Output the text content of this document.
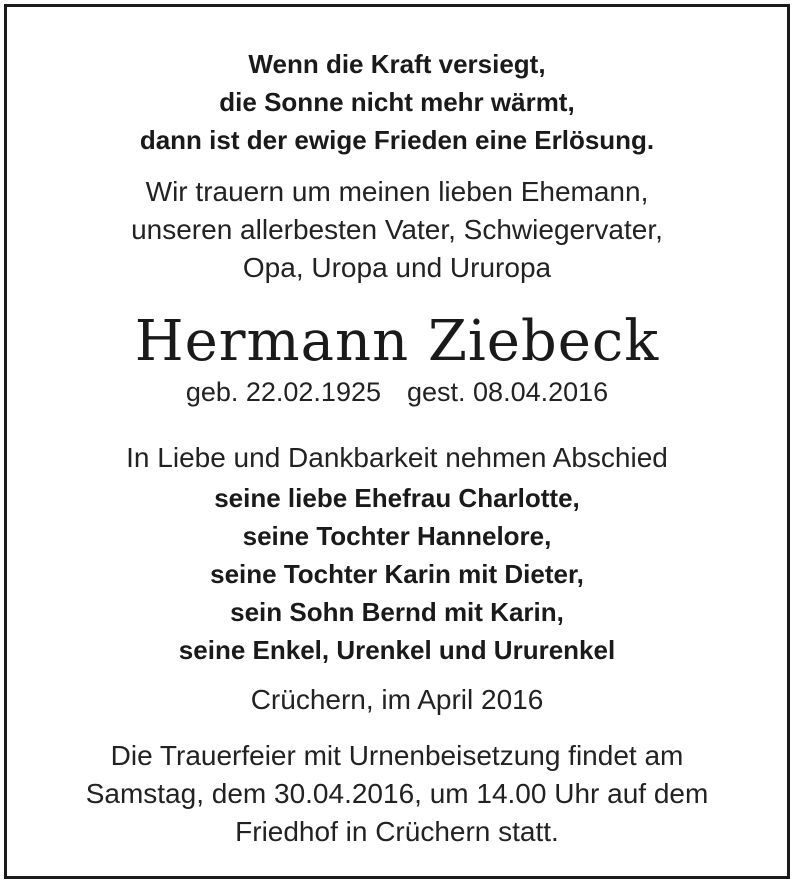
Wenn die Kraft versiegt,
die Sonne nicht mehr wärmt,
dann ist der ewige Frieden eine Erlösung.
Wir trauern um meinen lieben Ehemann,
unseren allerbesten Vater, Schwiegervater,
Opa, Uropa und Ururopa
Hermann Ziebeck
geb. 22.02.1925 gest. 08.04.2016
In Liebe und Dankbarkeit nehmen Abschied
seine liebe Ehefrau Charlotte,
seine Tochter Hannelore,
seine Tochter Karin mit Dieter,
sein Sohn Bernd mit Karin,
seine Enkel, Urenkel und Ururenkel
Crüchern, im April 2016
Die Trauerfeier mit Urnenbeisetzung findet am
Samstag, dem 30.04.2016, um 14.00 Uhr auf dem
Friedhof in Crüchern statt.
